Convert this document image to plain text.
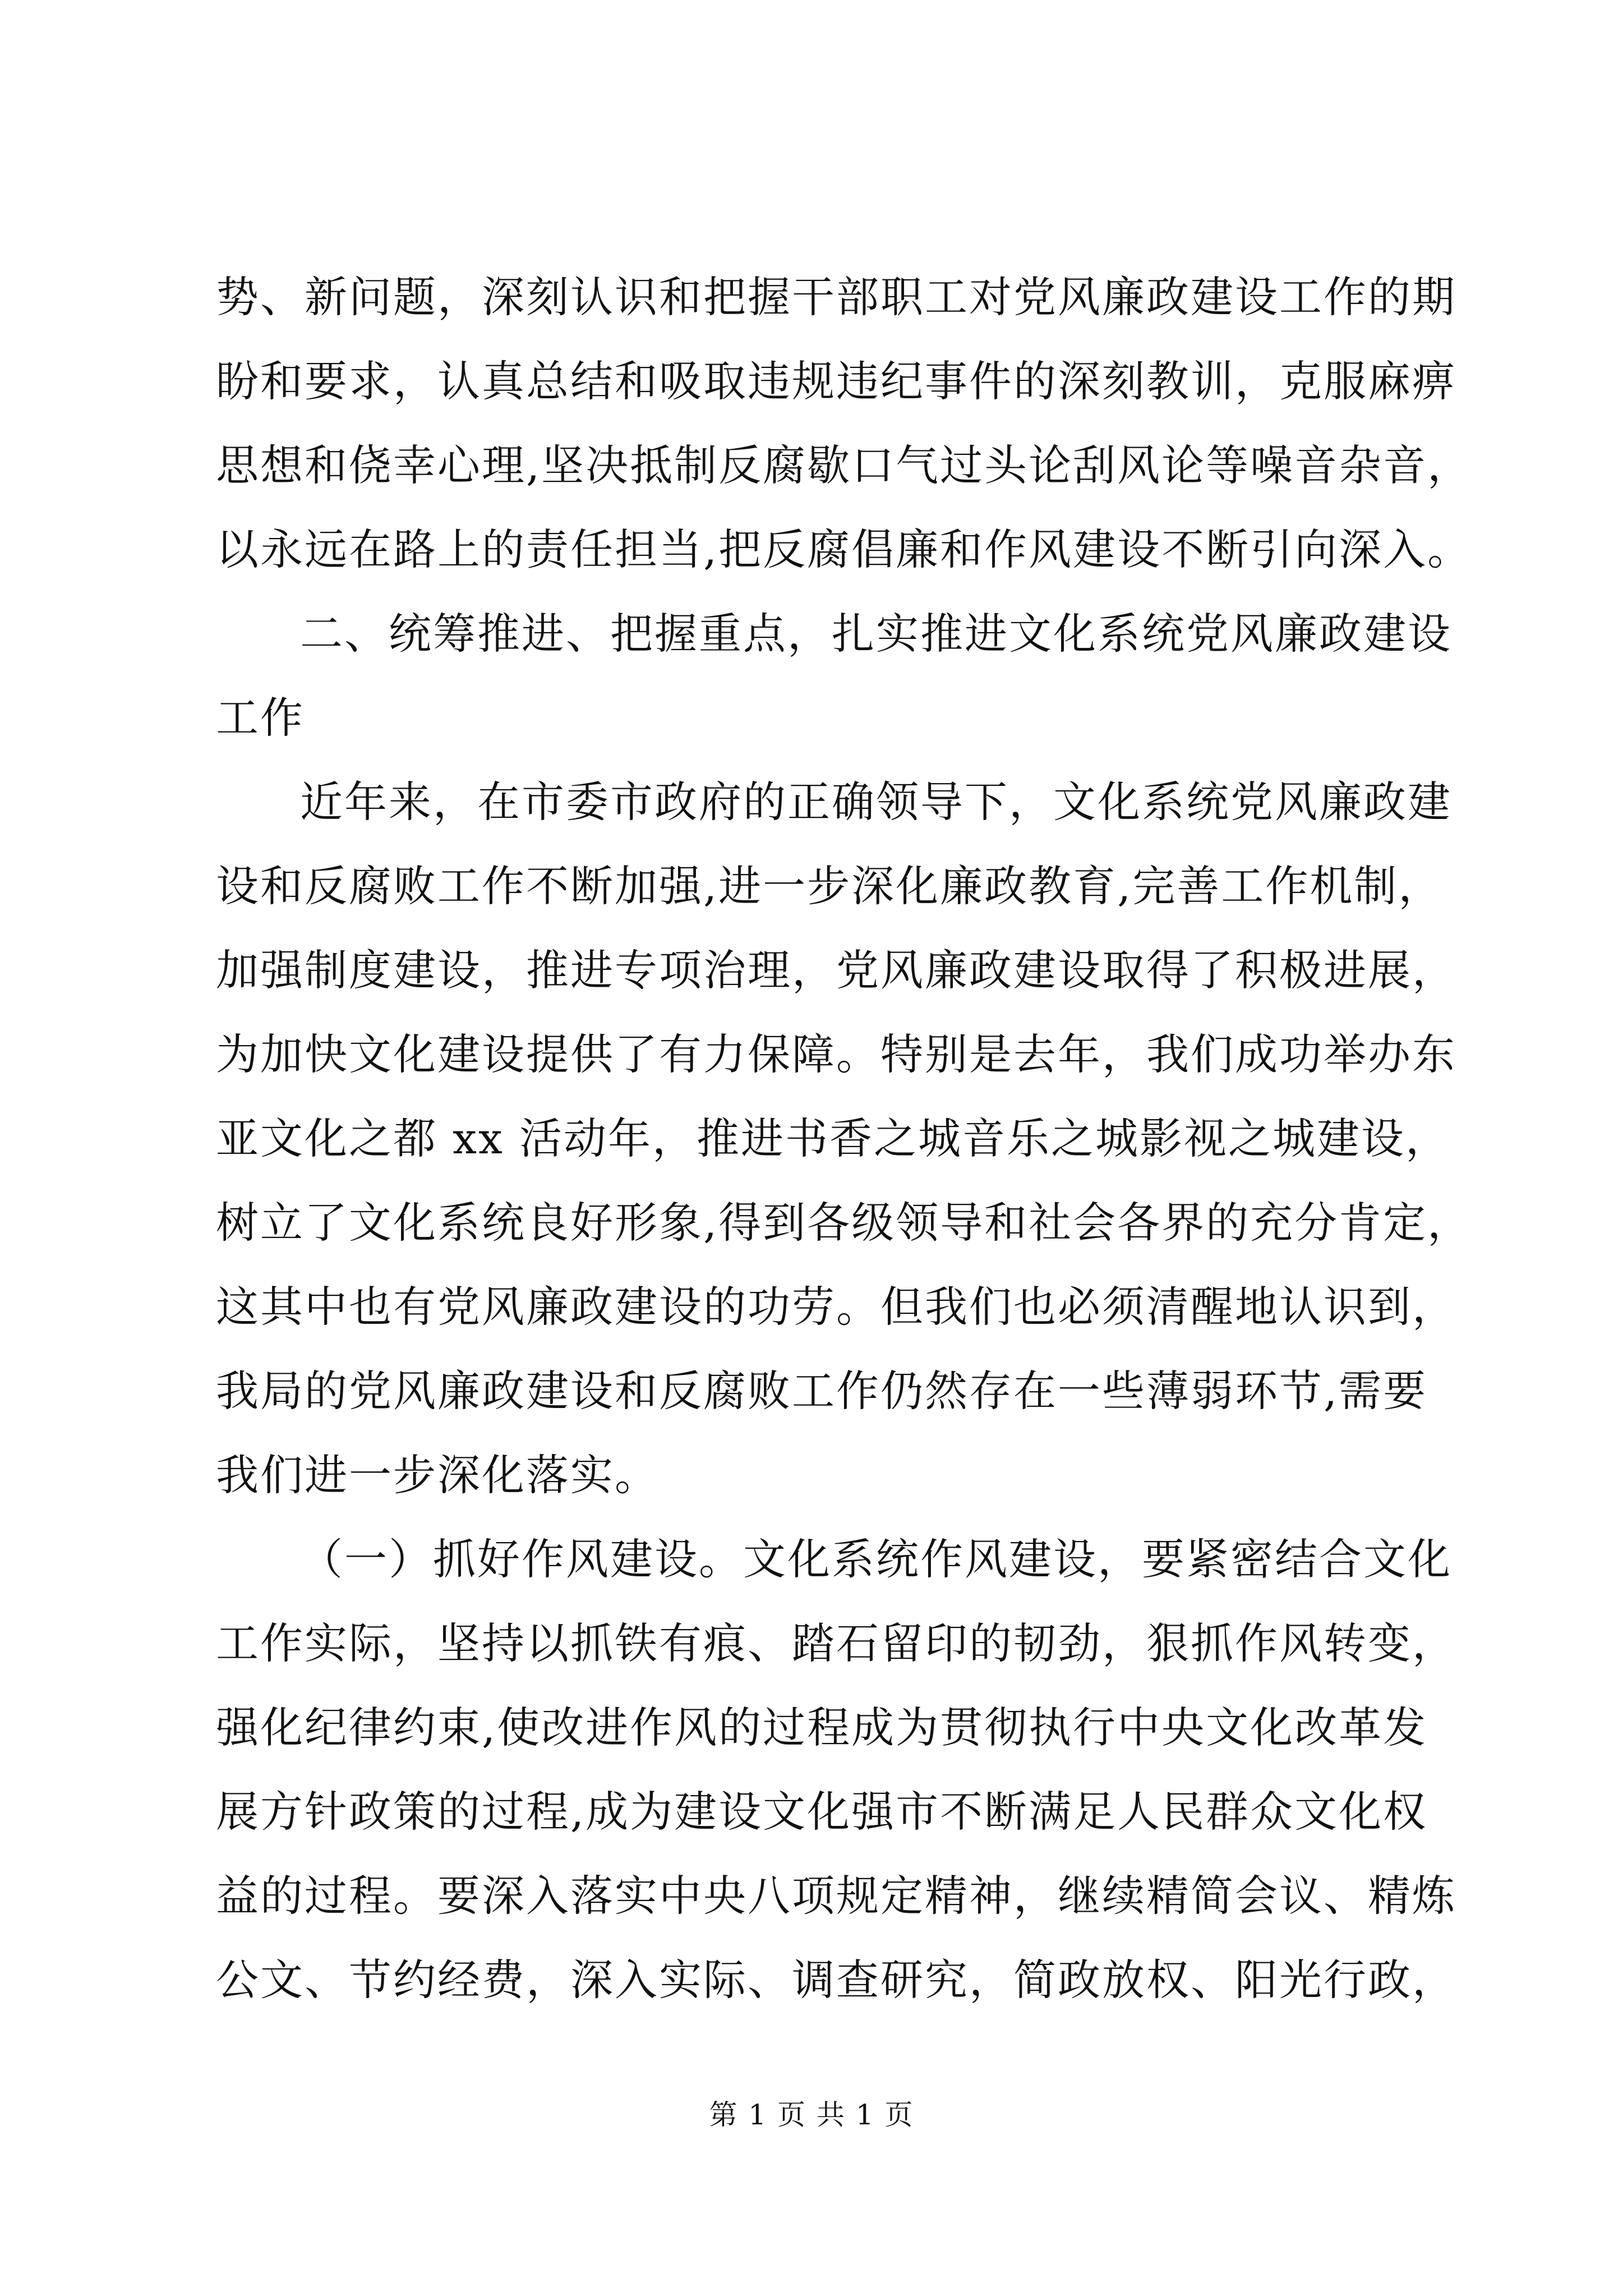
势、新问题，深刻认识和把握干部职工对党风廉政建设工作的期
盼和要求，认真总结和吸取违规违纪事件的深刻教训，克服麻痹
思想和侥幸心理,坚决抵制反腐歇口气过头论刮风论等噪音杂音，
以永远在路上的责任担当,把反腐倡廉和作风建设不断引向深入。
二、统筹推进、把握重点，扎实推进文化系统党风廉政建设
工作
近年来，在市委市政府的正确领导下，文化系统党风廉政建
设和反腐败工作不断加强,进一步深化廉政教育,完善工作机制，
加强制度建设，推进专项治理，党风廉政建设取得了积极进展，
为加快文化建设提供了有力保障。特别是去年，我们成功举办东
亚文化之都 xx 活动年，推进书香之城音乐之城影视之城建设，
树立了文化系统良好形象,得到各级领导和社会各界的充分肯定，
这其中也有党风廉政建设的功劳。但我们也必须清醒地认识到，
我局的党风廉政建设和反腐败工作仍然存在一些薄弱环节,需要
我们进一步深化落实。
（一）抓好作风建设。文化系统作风建设，要紧密结合文化
工作实际，坚持以抓铁有痕、踏石留印的韧劲，狠抓作风转变，
强化纪律约束,使改进作风的过程成为贯彻执行中央文化改革发
展方针政策的过程,成为建设文化强市不断满足人民群众文化权
益的过程。要深入落实中央八项规定精神，继续精简会议、精炼
公文、节约经费，深入实际、调查研究，简政放权、阳光行政，
第 1 页 共 1 页
